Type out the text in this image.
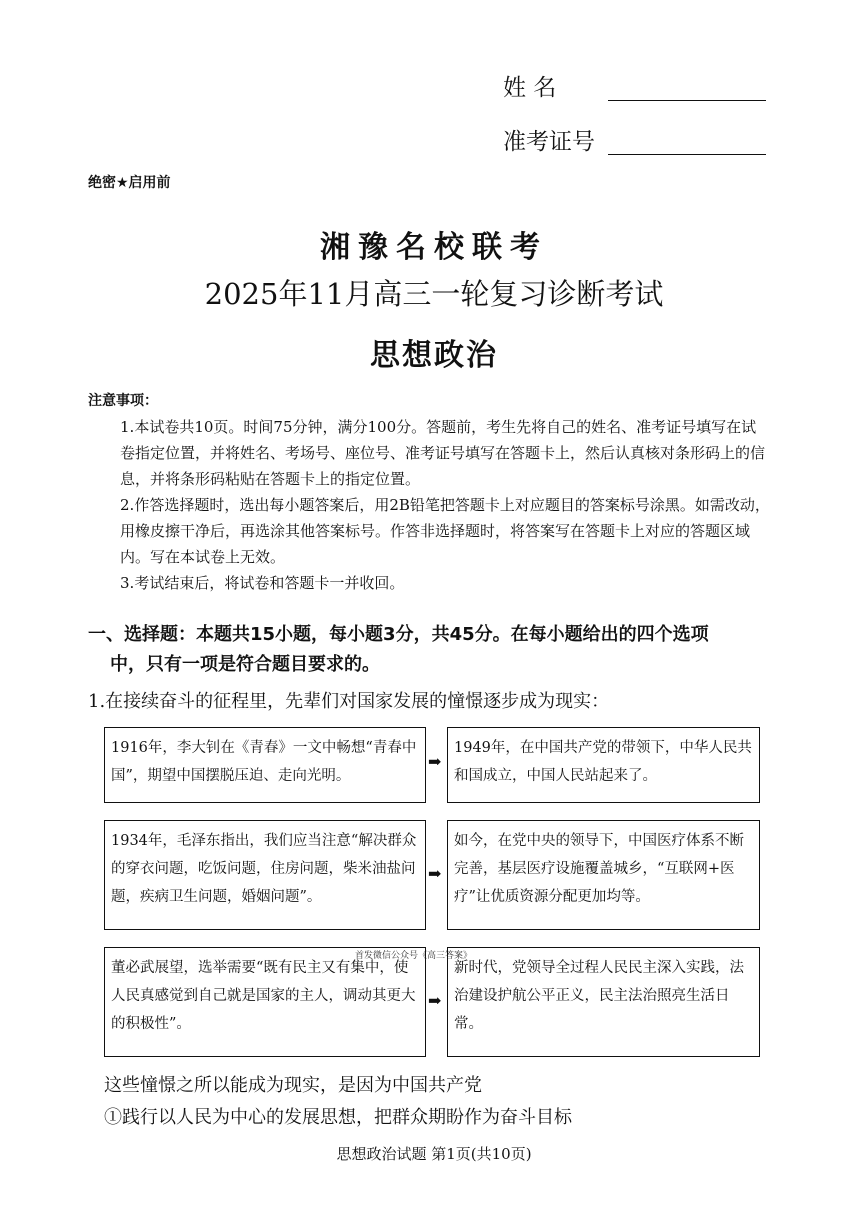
姓 名
准考证号
绝密★启用前
湘豫名校联考
2025年11月高三一轮复习诊断考试
思想政治
注意事项：
1.本试卷共10页。时间75分钟，满分100分。答题前，考生先将自己的姓名、准考证号填写在试卷指定位置，并将姓名、考场号、座位号、准考证号填写在答题卡上，然后认真核对条形码上的信息，并将条形码粘贴在答题卡上的指定位置。
2.作答选择题时，选出每小题答案后，用2B铅笔把答题卡上对应题目的答案标号涂黑。如需改动，用橡皮擦干净后，再选涂其他答案标号。作答非选择题时，将答案写在答题卡上对应的答题区域内。写在本试卷上无效。
3.考试结束后，将试卷和答题卡一并收回。
一、选择题：本题共15小题，每小题3分，共45分。在每小题给出的四个选项
中，只有一项是符合题目要求的。
1.在接续奋斗的征程里，先辈们对国家发展的憧憬逐步成为现实：
1916年，李大钊在《青春》一文中畅想“青春中国”，期望中国摆脱压迫、走向光明。
➡
1949年，在中国共产党的带领下，中华人民共和国成立，中国人民站起来了。
1934年，毛泽东指出，我们应当注意“解决群众的穿衣问题，吃饭问题，住房问题，柴米油盐问题，疾病卫生问题，婚姻问题”。
➡
如今，在党中央的领导下，中国医疗体系不断完善，基层医疗设施覆盖城乡，“互联网+医疗”让优质资源分配更加均等。
首发微信公众号《高三答案》
董必武展望，选举需要“既有民主又有集中，使人民真感觉到自己就是国家的主人，调动其更大的积极性”。
➡
新时代，党领导全过程人民民主深入实践，法治建设护航公平正义，民主法治照亮生活日常。
这些憧憬之所以能成为现实，是因为中国共产党
①践行以人民为中心的发展思想，把群众期盼作为奋斗目标
思想政治试题 第1页(共10页)
